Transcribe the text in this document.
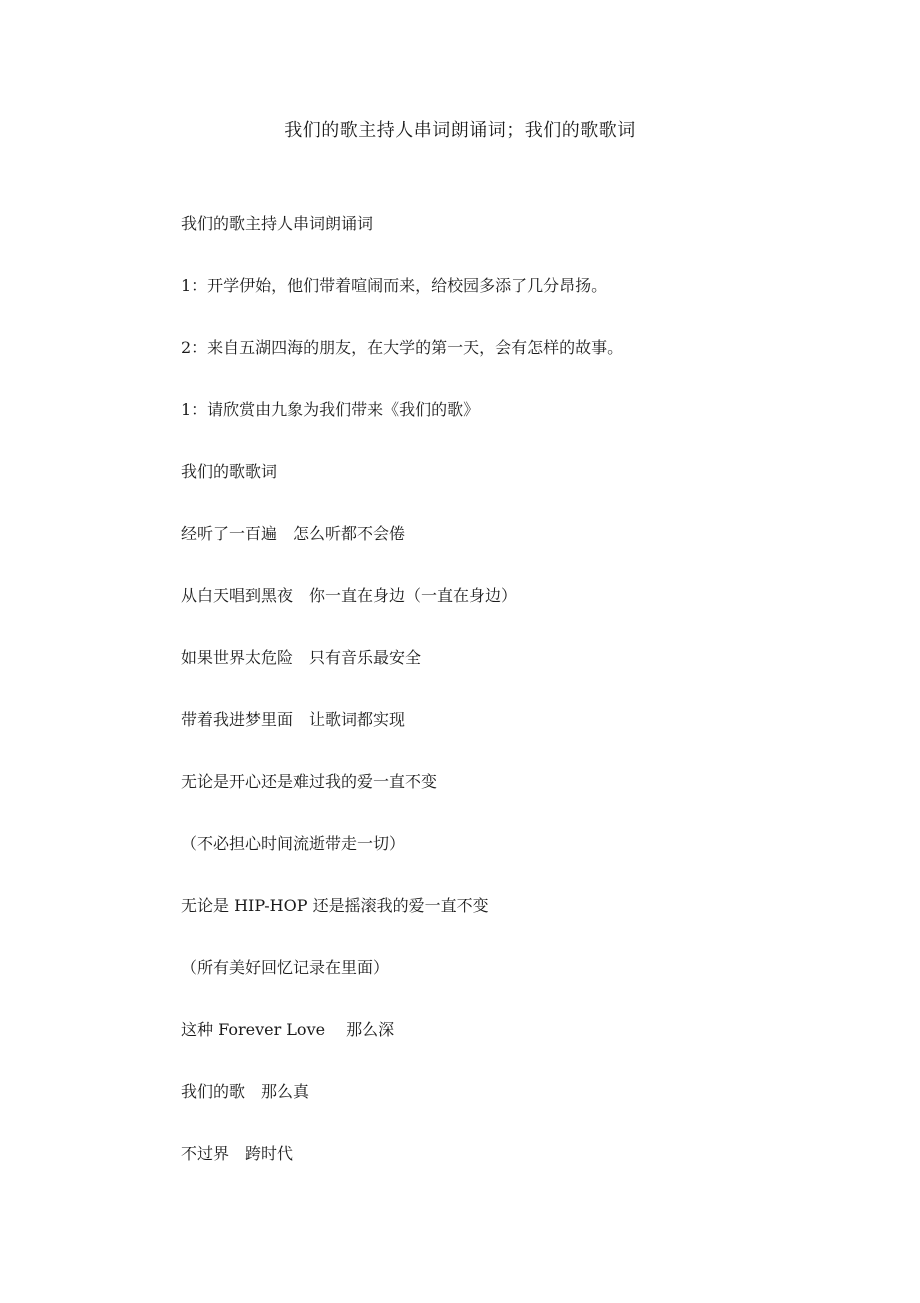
我们的歌主持人串词朗诵词；我们的歌歌词
我们的歌主持人串词朗诵词
1：开学伊始，他们带着喧闹而来，给校园多添了几分昂扬。
2：来自五湖四海的朋友，在大学的第一天，会有怎样的故事。
1：请欣赏由九象为我们带来《我们的歌》
我们的歌歌词
经听了一百遍　怎么听都不会倦
从白天唱到黑夜　你一直在身边（一直在身边）
如果世界太危险　只有音乐最安全
带着我进梦里面　让歌词都实现
无论是开心还是难过我的爱一直不变
（不必担心时间流逝带走一切）
无论是 HIP-HOP 还是摇滚我的爱一直不变
（所有美好回忆记录在里面）
这种 Forever Love　 那么深
我们的歌　那么真
不过界　跨时代
